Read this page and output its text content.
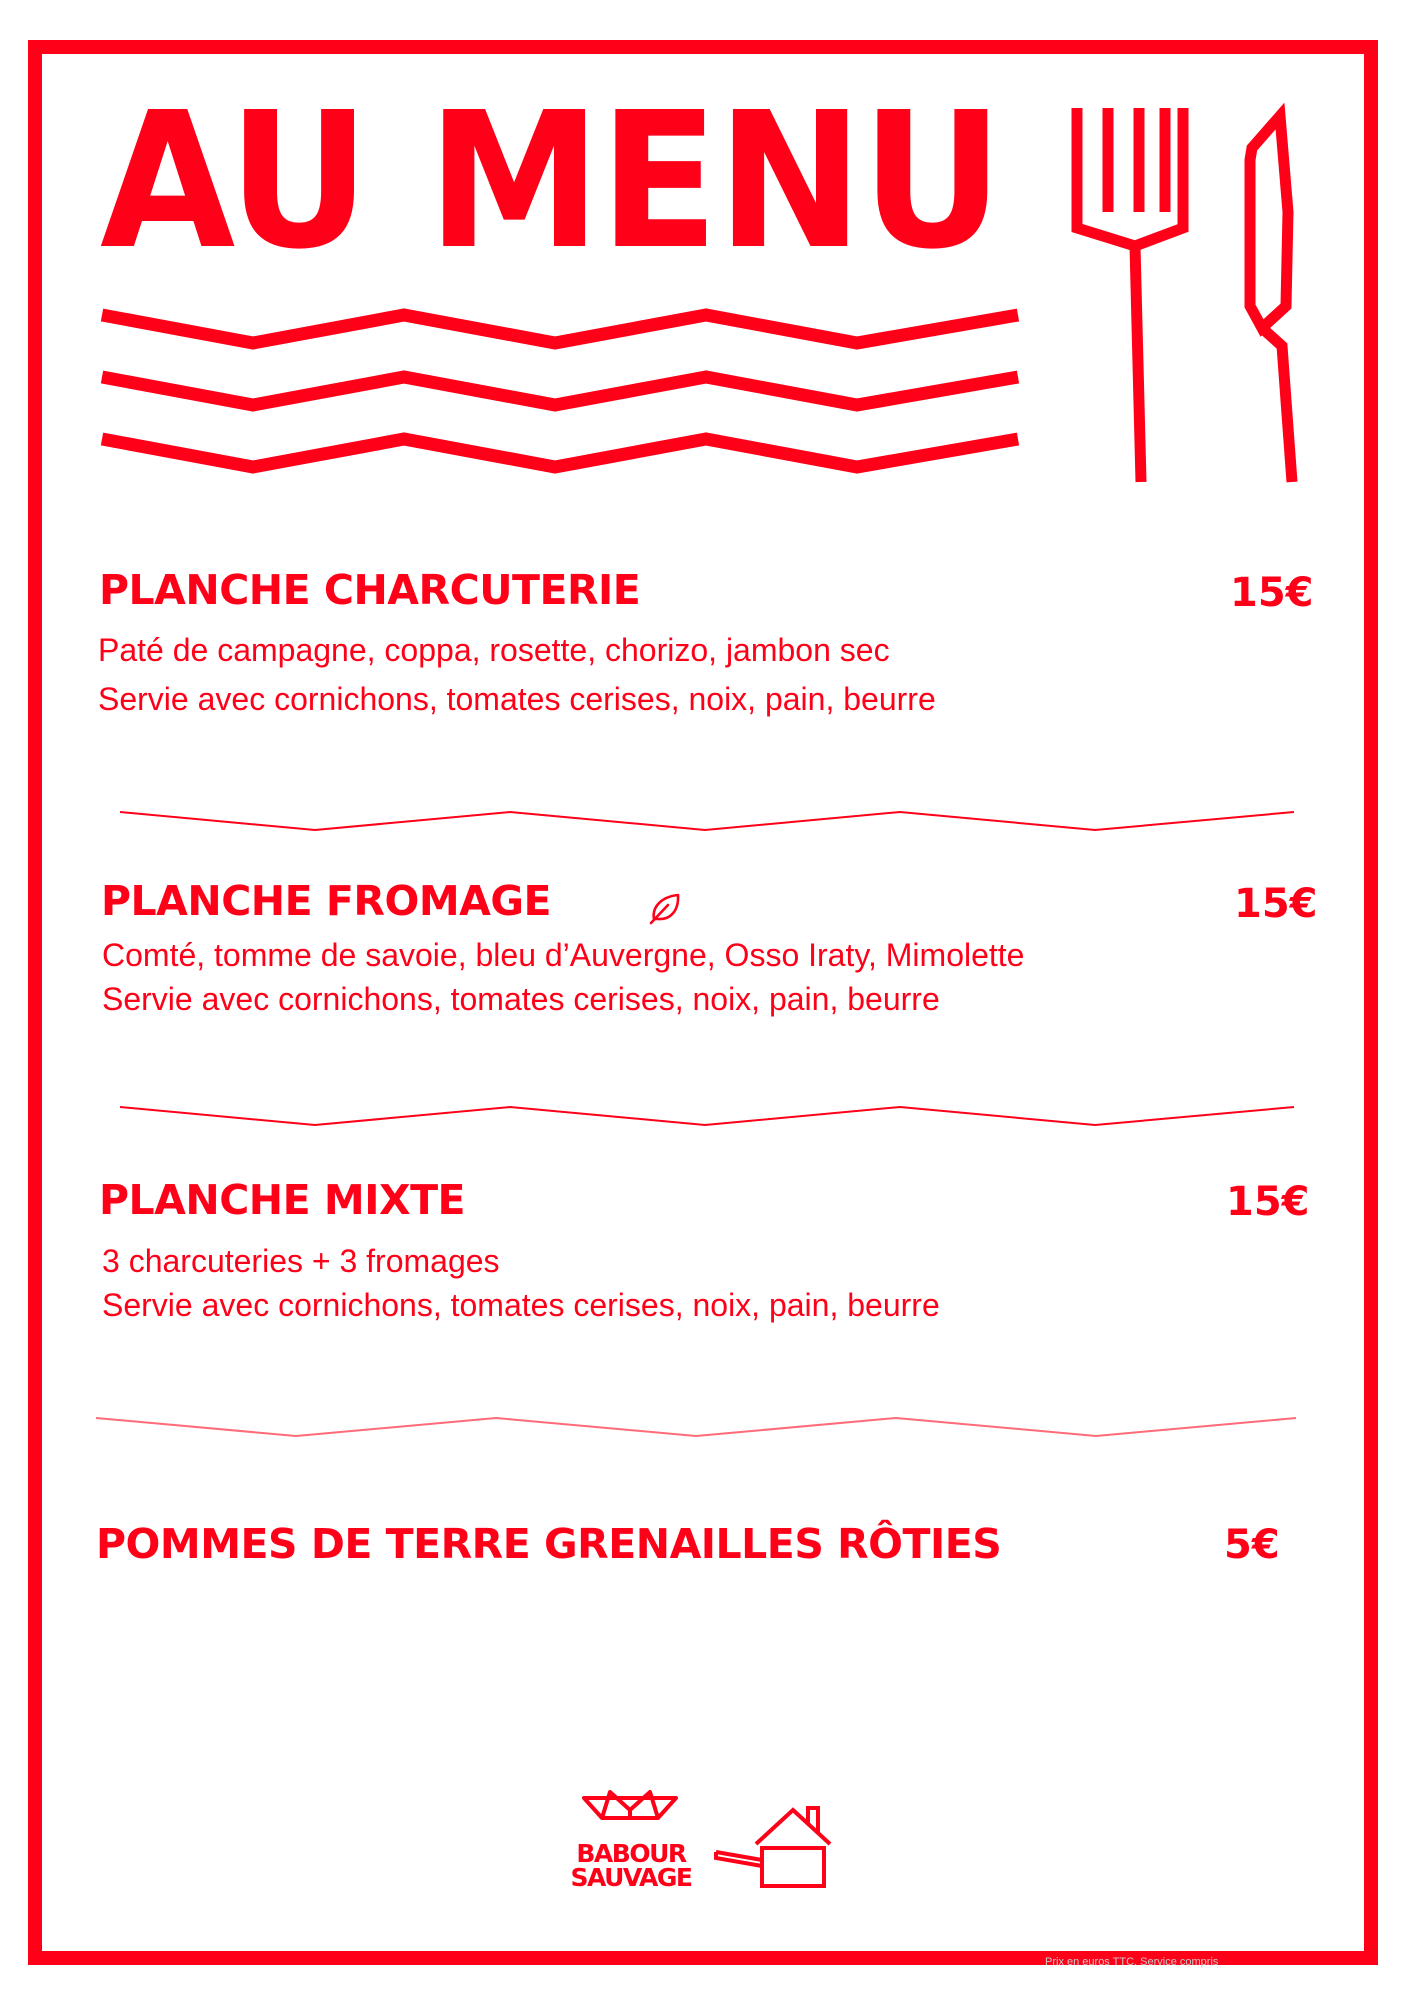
AU MENU
PLANCHE CHARCUTERIE	15€
Paté de campagne, coppa, rosette, chorizo, jambon sec
Servie avec cornichons, tomates cerises, noix, pain, beurre
PLANCHE FROMAGE	15€
Comté, tomme de savoie, bleu d’Auvergne, Osso Iraty, Mimolette
Servie avec cornichons, tomates cerises, noix, pain, beurre
PLANCHE MIXTE	15€
3 charcuteries + 3 fromages
Servie avec cornichons, tomates cerises, noix, pain, beurre
POMMES DE TERRE GRENAILLES RÔTIES	5€
BABOUR
SAUVAGE
Prix en euros TTC. Service compris
